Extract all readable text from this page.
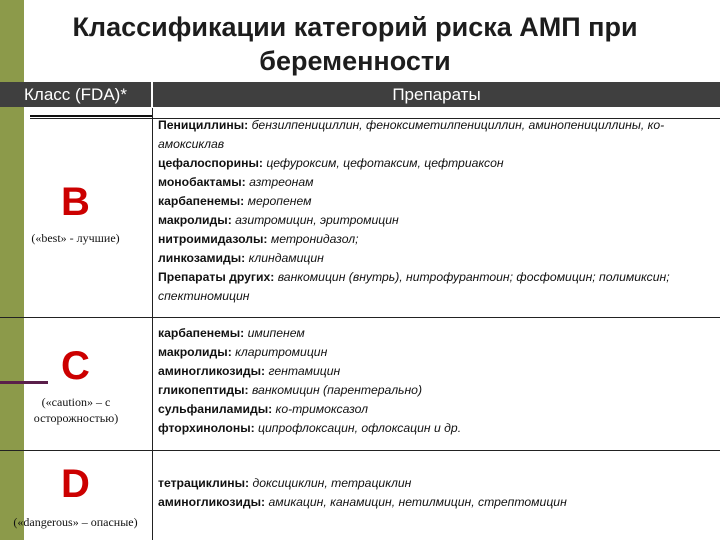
Классификации категорий риска АМП при
беременности
Класс (FDA)*	Препараты
B
(«best» - лучшие)
Пенициллины: бензилпенициллин, феноксиметилпенициллин, аминопенициллины, ко-амоксиклав
цефалоспорины: цефуроксим, цефотаксим, цефтриаксон
монобактамы: азтреонам
карбапенемы: меропенем
макролиды: азитромицин, эритромицин
нитроимидазолы: метронидазол;
линкозамиды: клиндамицин
Препараты других: ванкомицин (внутрь), нитрофурантоин; фосфомицин; полимиксин; спектиномицин
C
(«caution» – с осторожностью)
карбапенемы: имипенем
макролиды: кларитромицин
аминогликозиды: гентамицин
гликопептиды: ванкомицин (парентерально)
сульфаниламиды: ко-тримоксазол
фторхинолоны: ципрофлоксацин, офлоксацин и др.
D
(«dangerous» – опасные)
тетрациклины: доксициклин, тетрациклин
аминогликозиды: амикацин, канамицин, нетилмицин, стрептомицин
